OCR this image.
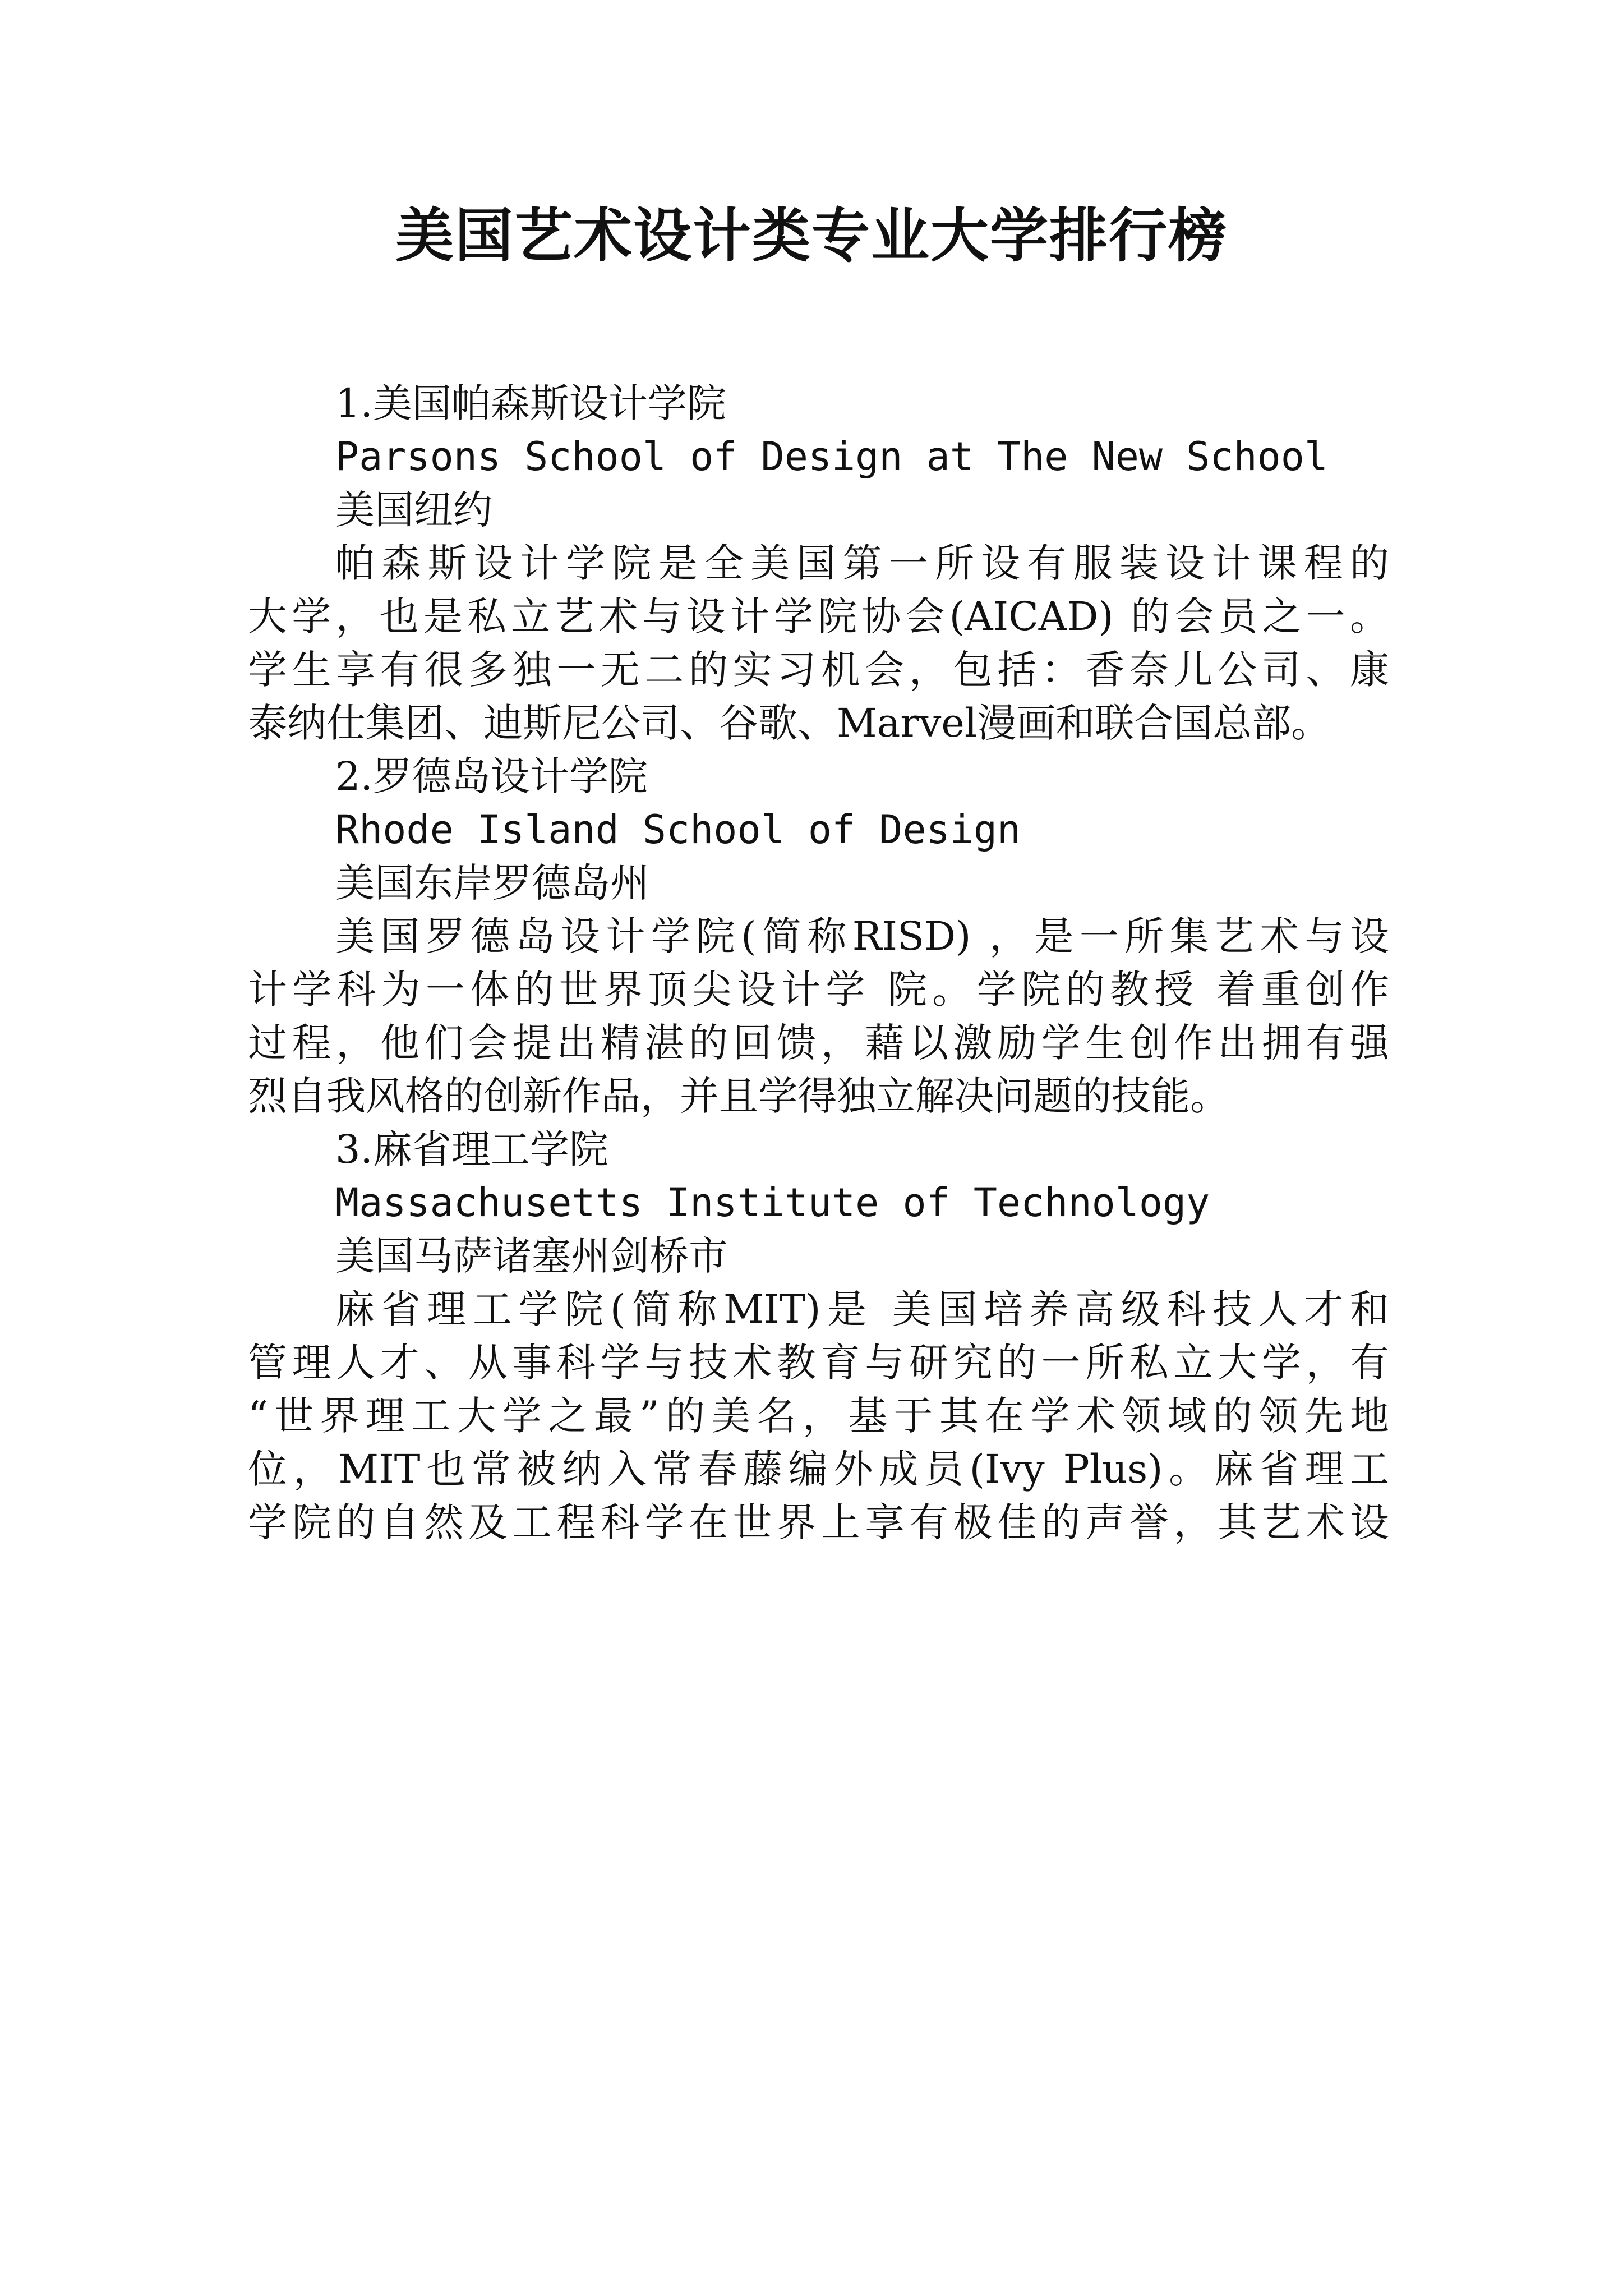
美国艺术设计类专业大学排行榜
1.美国帕森斯设计学院
Parsons School of Design at The New School
美国纽约
帕森斯设计学院是全美国第一所设有服装设计课程的
大学，也是私立艺术与设计学院协会(AICAD) 的会员之一。
学生享有很多独一无二的实习机会，包括：香奈儿公司、康
泰纳仕集团、迪斯尼公司、谷歌、Marvel漫画和联合国总部。
2.罗德岛设计学院
Rhode Island School of Design
美国东岸罗德岛州
美国罗德岛设计学院(简称RISD) ，是一所集艺术与设
计学科为一体的世界顶尖设计学 院。学院的教授 着重创作
过程，他们会提出精湛的回馈，藉以激励学生创作出拥有强
烈自我风格的创新作品，并且学得独立解决问题的技能。
3.麻省理工学院
Massachusetts Institute of Technology
美国马萨诸塞州剑桥市
麻省理工学院(简称MIT)是 美国培养高级科技人才和
管理人才、从事科学与技术教育与研究的一所私立大学，有
“世界理工大学之最”的美名，基于其在学术领域的领先地
位，MIT也常被纳入常春藤编外成员(Ivy Plus)。麻省理工
学院的自然及工程科学在世界上享有极佳的声誉，其艺术设
